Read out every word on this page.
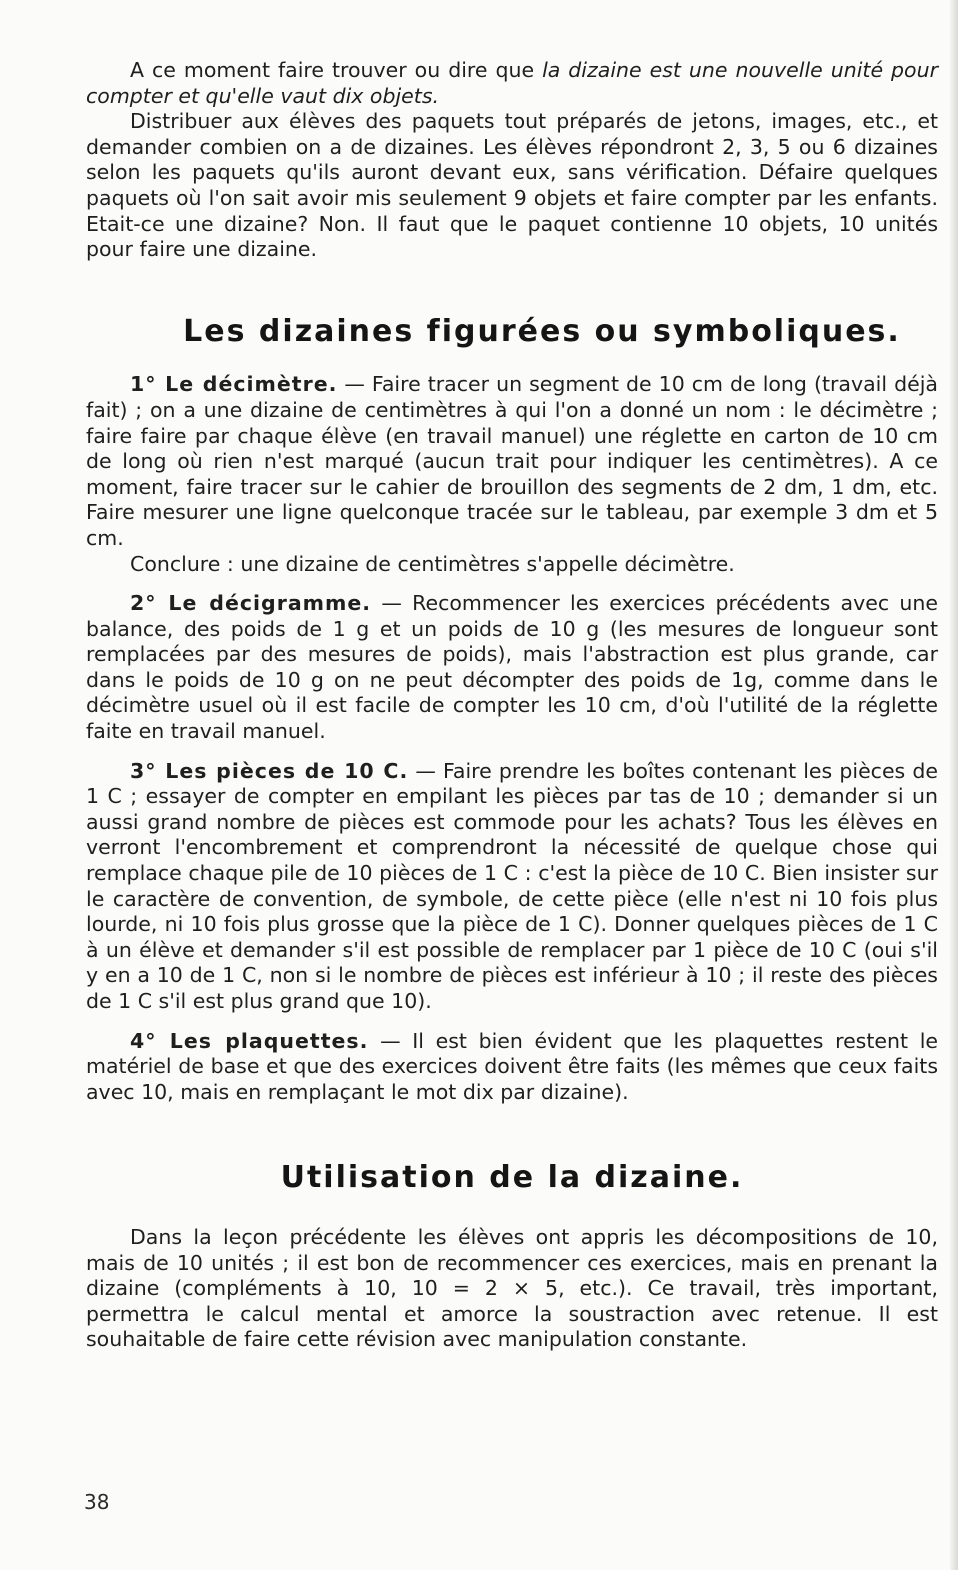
A ce moment faire trouver ou dire que la dizaine est une nouvelle unité pour compter et qu'elle vaut dix objets.

Distribuer aux élèves des paquets tout préparés de jetons, images, etc., et demander combien on a de dizaines. Les élèves répondront 2, 3, 5 ou 6 dizaines selon les paquets qu'ils auront devant eux, sans vérification. Défaire quelques paquets où l'on sait avoir mis seulement 9 objets et faire compter par les enfants. Etait-ce une dizaine? Non. Il faut que le paquet contienne 10 objets, 10 unités pour faire une dizaine.

Les dizaines figurées ou symboliques.

1° Le décimètre. — Faire tracer un segment de 10 cm de long (travail déjà fait) ; on a une dizaine de centimètres à qui l'on a donné un nom : le décimètre ; faire faire par chaque élève (en travail manuel) une réglette en carton de 10 cm de long où rien n'est marqué (aucun trait pour indiquer les centimètres). A ce moment, faire tracer sur le cahier de brouillon des segments de 2 dm, 1 dm, etc. Faire mesurer une ligne quelconque tracée sur le tableau, par exemple 3 dm et 5 cm.

Conclure : une dizaine de centimètres s'appelle décimètre.

2° Le décigramme. — Recommencer les exercices précédents avec une balance, des poids de 1 g et un poids de 10 g (les mesures de longueur sont remplacées par des mesures de poids), mais l'abstraction est plus grande, car dans le poids de 10 g on ne peut décompter des poids de 1g, comme dans le décimètre usuel où il est facile de compter les 10 cm, d'où l'utilité de la réglette faite en travail manuel.

3° Les pièces de 10 C. — Faire prendre les boîtes contenant les pièces de 1 C ; essayer de compter en empilant les pièces par tas de 10 ; demander si un aussi grand nombre de pièces est commode pour les achats? Tous les élèves en verront l'encombrement et comprendront la nécessité de quelque chose qui remplace chaque pile de 10 pièces de 1 C : c'est la pièce de 10 C. Bien insister sur le caractère de convention, de symbole, de cette pièce (elle n'est ni 10 fois plus lourde, ni 10 fois plus grosse que la pièce de 1 C). Donner quelques pièces de 1 C à un élève et demander s'il est possible de remplacer par 1 pièce de 10 C (oui s'il y en a 10 de 1 C, non si le nombre de pièces est inférieur à 10 ; il reste des pièces de 1 C s'il est plus grand que 10).

4° Les plaquettes. — Il est bien évident que les plaquettes restent le matériel de base et que des exercices doivent être faits (les mêmes que ceux faits avec 10, mais en remplaçant le mot dix par dizaine).

Utilisation de la dizaine.

Dans la leçon précédente les élèves ont appris les décompositions de 10, mais de 10 unités ; il est bon de recommencer ces exercices, mais en prenant la dizaine (compléments à 10, 10 = 2 × 5, etc.). Ce travail, très important, permettra le calcul mental et amorce la soustraction avec retenue. Il est souhaitable de faire cette révision avec manipulation constante.

38
